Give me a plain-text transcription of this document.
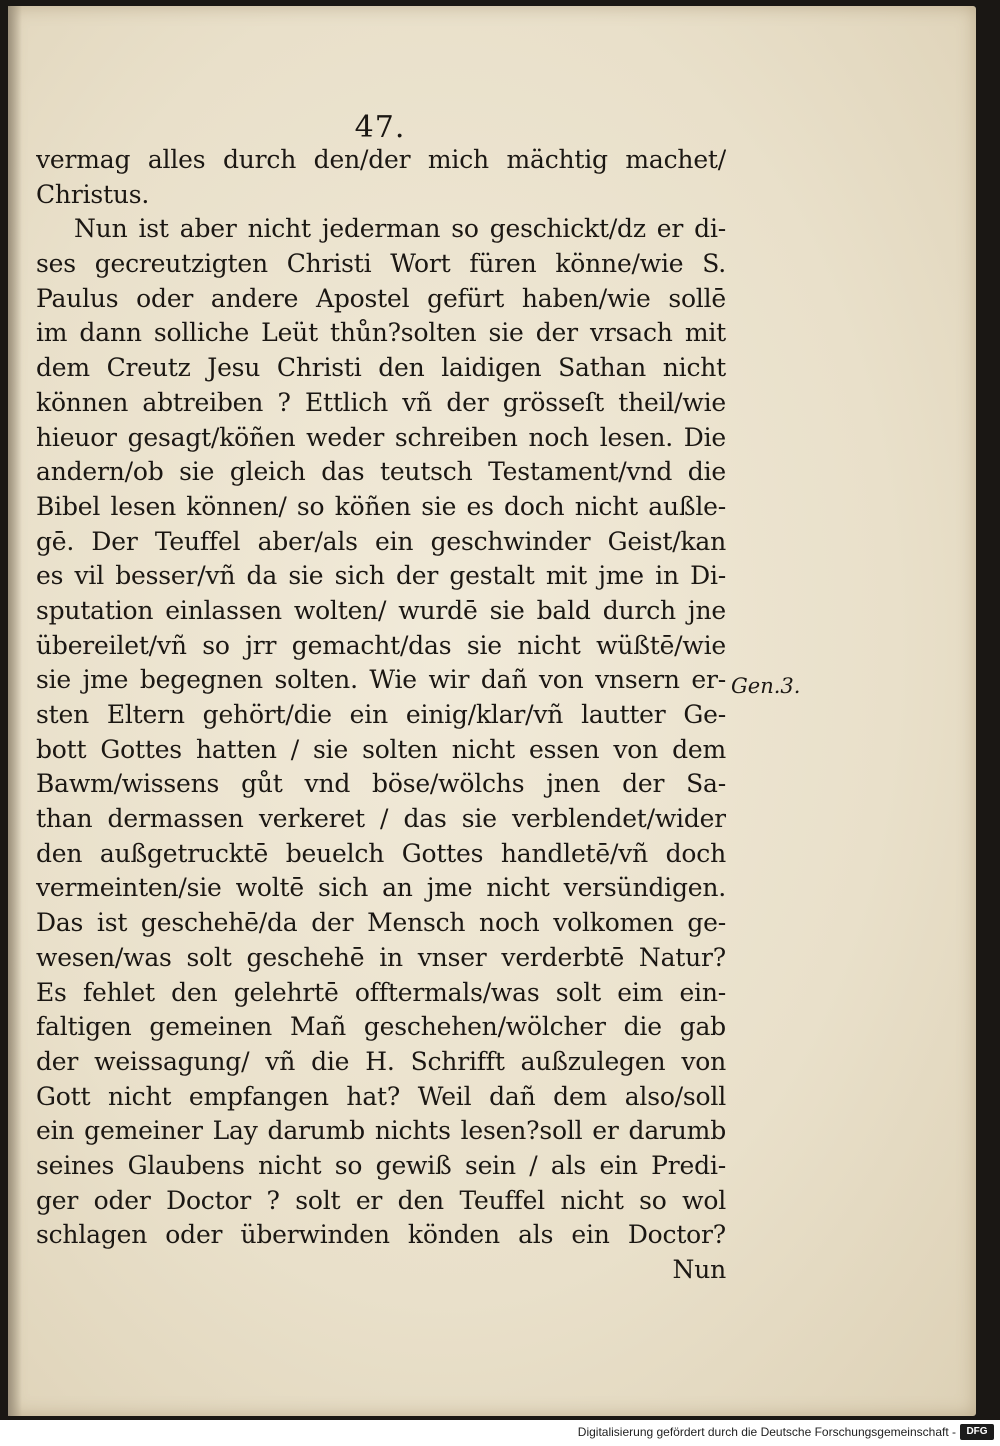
47.
vermag alles durch den/der mich mächtig machet/
Christus.
Nun ist aber nicht jederman so geschickt/dz er di-
ses gecreutzigten Christi Wort füren könne/wie S.
Paulus oder andere Apostel gefürt haben/wie sollē
im dann solliche Leüt thůn?solten sie der vrsach mit
dem Creutz Jesu Christi den laidigen Sathan nicht
können abtreiben ? Ettlich vñ der grösseſt theil/wie
hieuor gesagt/köñen weder schreiben noch lesen. Die
andern/ob sie gleich das teutsch Testament/vnd die
Bibel lesen können/ so köñen sie es doch nicht außle-
gē. Der Teuffel aber/als ein geschwinder Geist/kan
es vil besser/vñ da sie sich der gestalt mit jme in Di-
sputation einlassen wolten/ wurdē sie bald durch jne
übereilet/vñ so jrr gemacht/das sie nicht wüßtē/wie
sie jme begegnen solten. Wie wir dañ von vnsern er-
sten Eltern gehört/die ein einig/klar/vñ lautter Ge-
bott Gottes hatten / sie solten nicht essen von dem
Bawm/wissens gůt vnd böse/wölchs jnen der Sa-
than dermassen verkeret / das sie verblendet/wider
den außgetrucktē beuelch Gottes handletē/vñ doch
vermeinten/sie woltē sich an jme nicht versündigen.
Das ist geschehē/da der Mensch noch volkomen ge-
wesen/was solt geschehē in vnser verderbtē Natur?
Es fehlet den gelehrtē offtermals/was solt eim ein-
faltigen gemeinen Mañ geschehen/wölcher die gab
der weissagung/ vñ die H. Schrifft außzulegen von
Gott nicht empfangen hat? Weil dañ dem also/soll
ein gemeiner Lay darumb nichts lesen?soll er darumb
seines Glaubens nicht so gewiß sein / als ein Predi-
ger oder Doctor ? solt er den Teuffel nicht so wol
schlagen oder überwinden könden als ein Doctor?
Nun
Gen.3.
Digitalisierung gefördert durch die Deutsche Forschungsgemeinschaft -	DFG
